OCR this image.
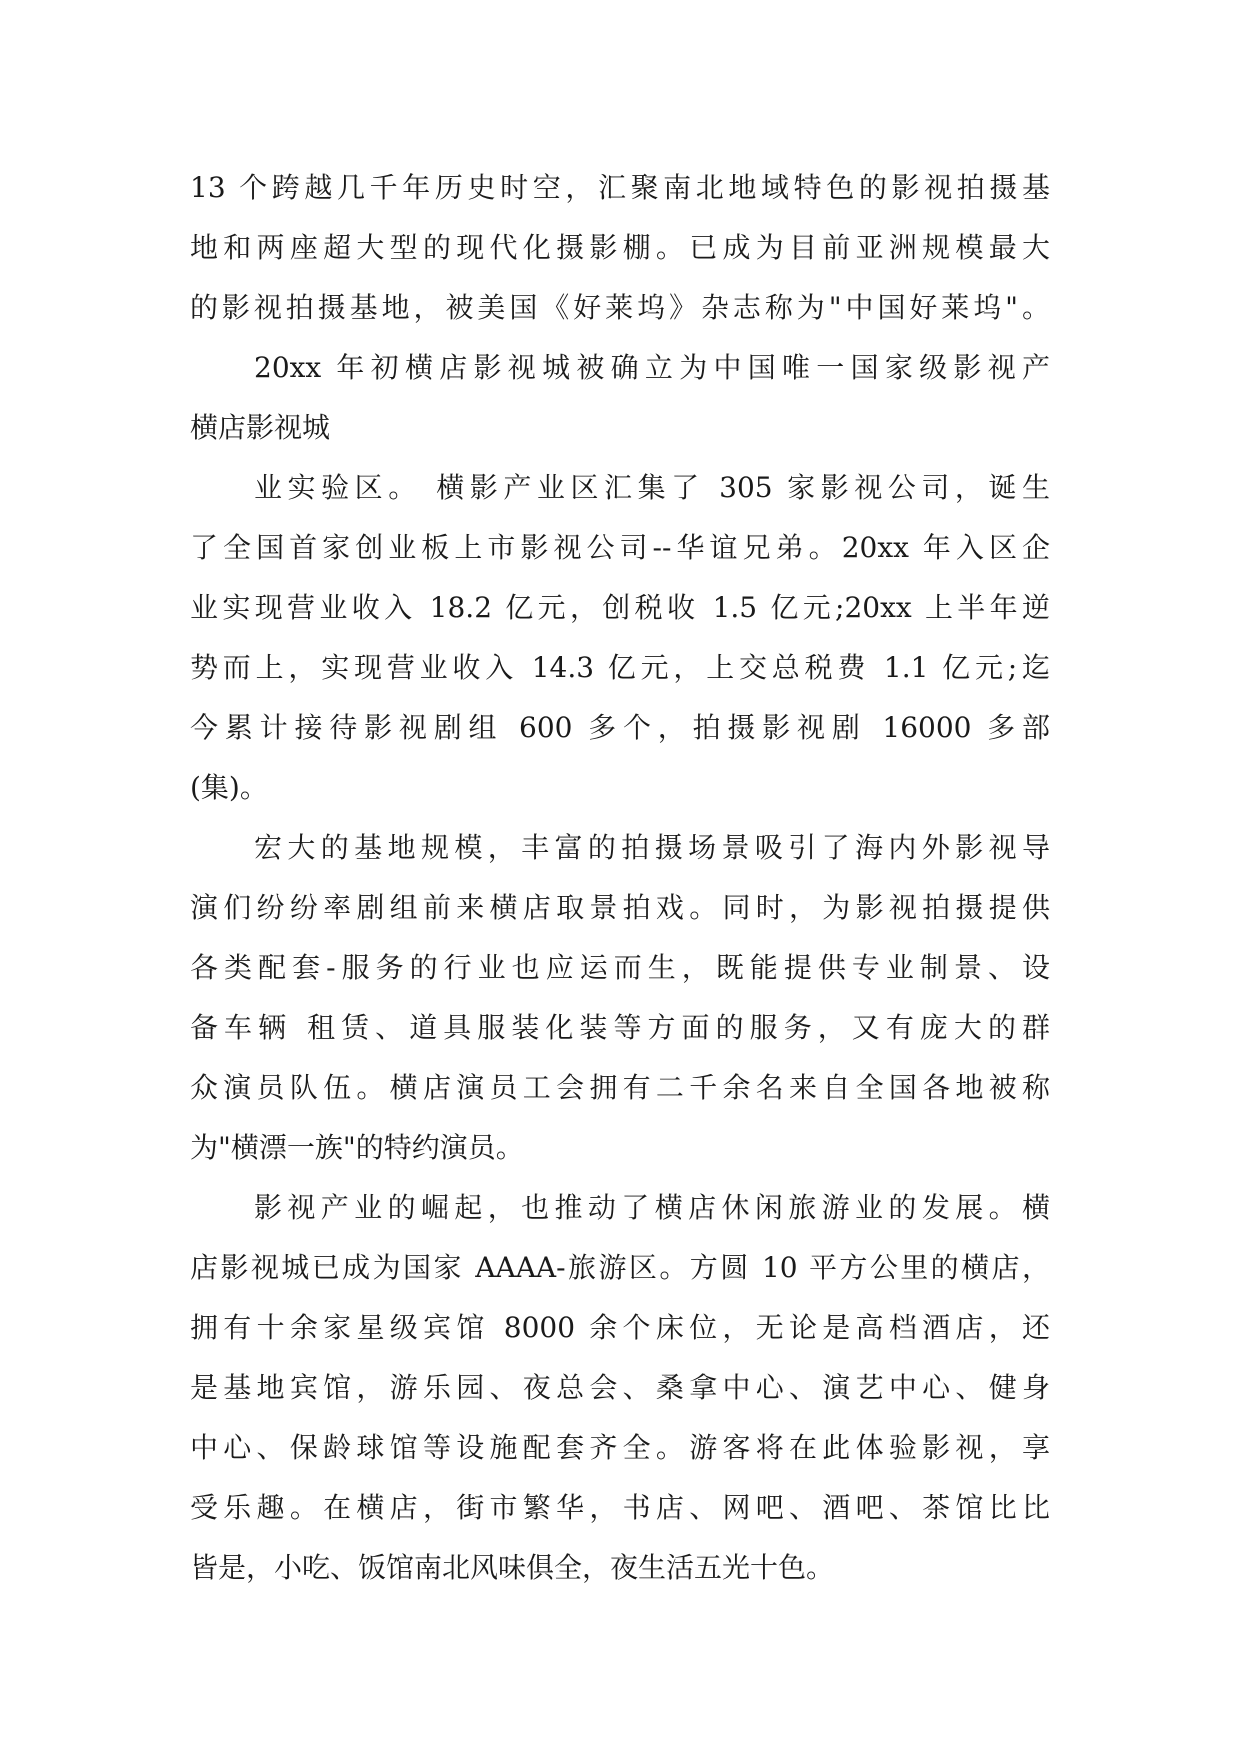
13 个跨越几千年历史时空，汇聚南北地域特色的影视拍摄基
地和两座超大型的现代化摄影棚。已成为目前亚洲规模最大
的影视拍摄基地，被美国《好莱坞》杂志称为"中国好莱坞"。
20xx 年初横店影视城被确立为中国唯一国家级影视产
横店影视城
业实验区。 横影产业区汇集了 305 家影视公司，诞生
了全国首家创业板上市影视公司--华谊兄弟。20xx 年入区企
业实现营业收入 18.2 亿元，创税收 1.5 亿元;20xx 上半年逆
势而上，实现营业收入 14.3 亿元，上交总税费 1.1 亿元;迄
今累计接待影视剧组 600 多个，拍摄影视剧 16000 多部
(集)。
宏大的基地规模，丰富的拍摄场景吸引了海内外影视导
演们纷纷率剧组前来横店取景拍戏。同时，为影视拍摄提供
各类配套-服务的行业也应运而生，既能提供专业制景、设
备车辆 租赁、道具服装化装等方面的服务，又有庞大的群
众演员队伍。横店演员工会拥有二千余名来自全国各地被称
为"横漂一族"的特约演员。
影视产业的崛起，也推动了横店休闲旅游业的发展。横
店影视城已成为国家 AAAA-旅游区。方圆 10 平方公里的横店，
拥有十余家星级宾馆 8000 余个床位，无论是高档酒店，还
是基地宾馆，游乐园、夜总会、桑拿中心、演艺中心、健身
中心、保龄球馆等设施配套齐全。游客将在此体验影视，享
受乐趣。在横店，街市繁华，书店、网吧、酒吧、茶馆比比
皆是，小吃、饭馆南北风味俱全，夜生活五光十色。
